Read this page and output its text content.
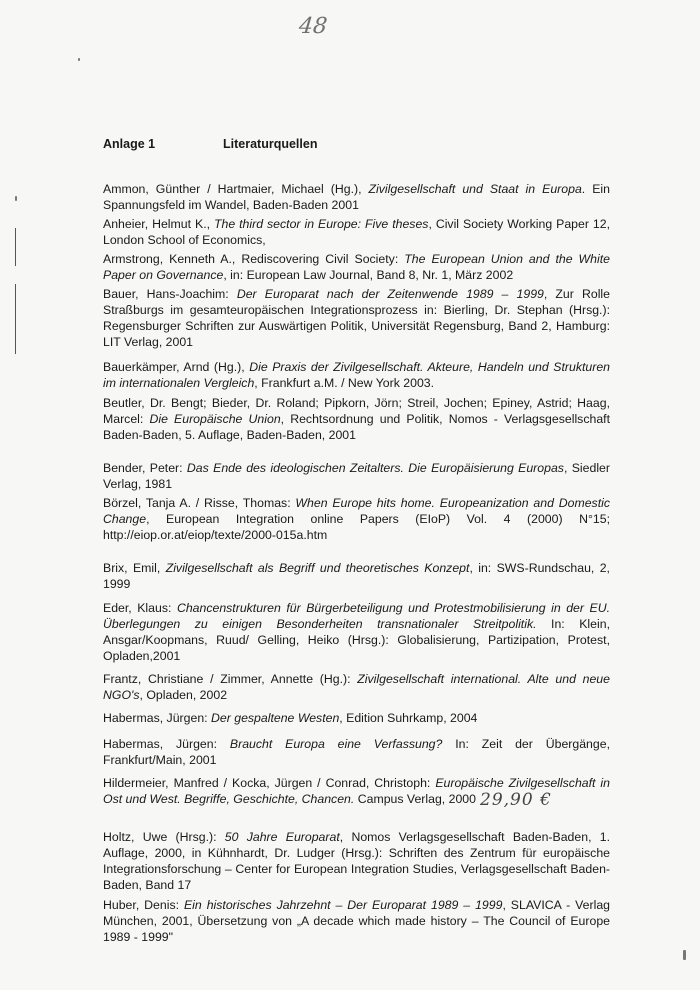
48
Anlage 1	Literaturquellen
Ammon, Günther / Hartmaier, Michael (Hg.), Zivilgesellschaft und Staat in Europa. Ein Spannungsfeld im Wandel, Baden-Baden 2001
Anheier, Helmut K., The third sector in Europe: Five theses, Civil Society Working Paper 12, London School of Economics,
Armstrong, Kenneth A., Rediscovering Civil Society: The European Union and the White Paper on Governance, in: European Law Journal, Band 8, Nr. 1, März 2002
Bauer, Hans-Joachim: Der Europarat nach der Zeitenwende 1989 – 1999, Zur Rolle Straßburgs im gesamteuropäischen Integrationsprozess in: Bierling, Dr. Stephan (Hrsg.): Regensburger Schriften zur Auswärtigen Politik, Universität Regensburg, Band 2, Hamburg: LIT Verlag, 2001
Bauerkämper, Arnd (Hg.), Die Praxis der Zivilgesellschaft. Akteure, Handeln und Strukturen im internationalen Vergleich, Frankfurt a.M. / New York 2003.
Beutler, Dr. Bengt; Bieder, Dr. Roland; Pipkorn, Jörn; Streil, Jochen; Epiney, Astrid; Haag, Marcel: Die Europäische Union, Rechtsordnung und Politik, Nomos - Verlagsgesellschaft Baden-Baden, 5. Auflage, Baden-Baden, 2001
Bender, Peter: Das Ende des ideologischen Zeitalters. Die Europäisierung Europas, Siedler Verlag, 1981
Börzel, Tanja A. / Risse, Thomas: When Europe hits home. Europeanization and Domestic Change, European Integration online Papers (EIoP) Vol. 4 (2000) N°15; http://eiop.or.at/eiop/texte/2000-015a.htm
Brix, Emil, Zivilgesellschaft als Begriff und theoretisches Konzept, in: SWS-Rundschau, 2, 1999
Eder, Klaus: Chancenstrukturen für Bürgerbeteiligung und Protestmobilisierung in der EU. Überlegungen zu einigen Besonderheiten transnationaler Streitpolitik. In: Klein, Ansgar/Koopmans, Ruud/ Gelling, Heiko (Hrsg.): Globalisierung, Partizipation, Protest, Opladen,2001
Frantz, Christiane / Zimmer, Annette (Hg.): Zivilgesellschaft international. Alte und neue NGO's, Opladen, 2002
Habermas, Jürgen: Der gespaltene Westen, Edition Suhrkamp, 2004
Habermas, Jürgen: Braucht Europa eine Verfassung? In: Zeit der Übergänge, Frankfurt/Main, 2001
Hildermeier, Manfred / Kocka, Jürgen / Conrad, Christoph: Europäische Zivilgesellschaft in Ost und West. Begriffe, Geschichte, Chancen. Campus Verlag, 2000
Holtz, Uwe (Hrsg.): 50 Jahre Europarat, Nomos Verlagsgesellschaft Baden-Baden, 1. Auflage, 2000, in Kühnhardt, Dr. Ludger (Hrsg.): Schriften des Zentrum für europäische Integrationsforschung – Center for European Integration Studies, Verlagsgesellschaft Baden-Baden, Band 17
Huber, Denis: Ein historisches Jahrzehnt – Der Europarat 1989 – 1999, SLAVICA - Verlag München, 2001, Übersetzung von „A decade which made history – The Council of Europe 1989 - 1999"
29,90 €
